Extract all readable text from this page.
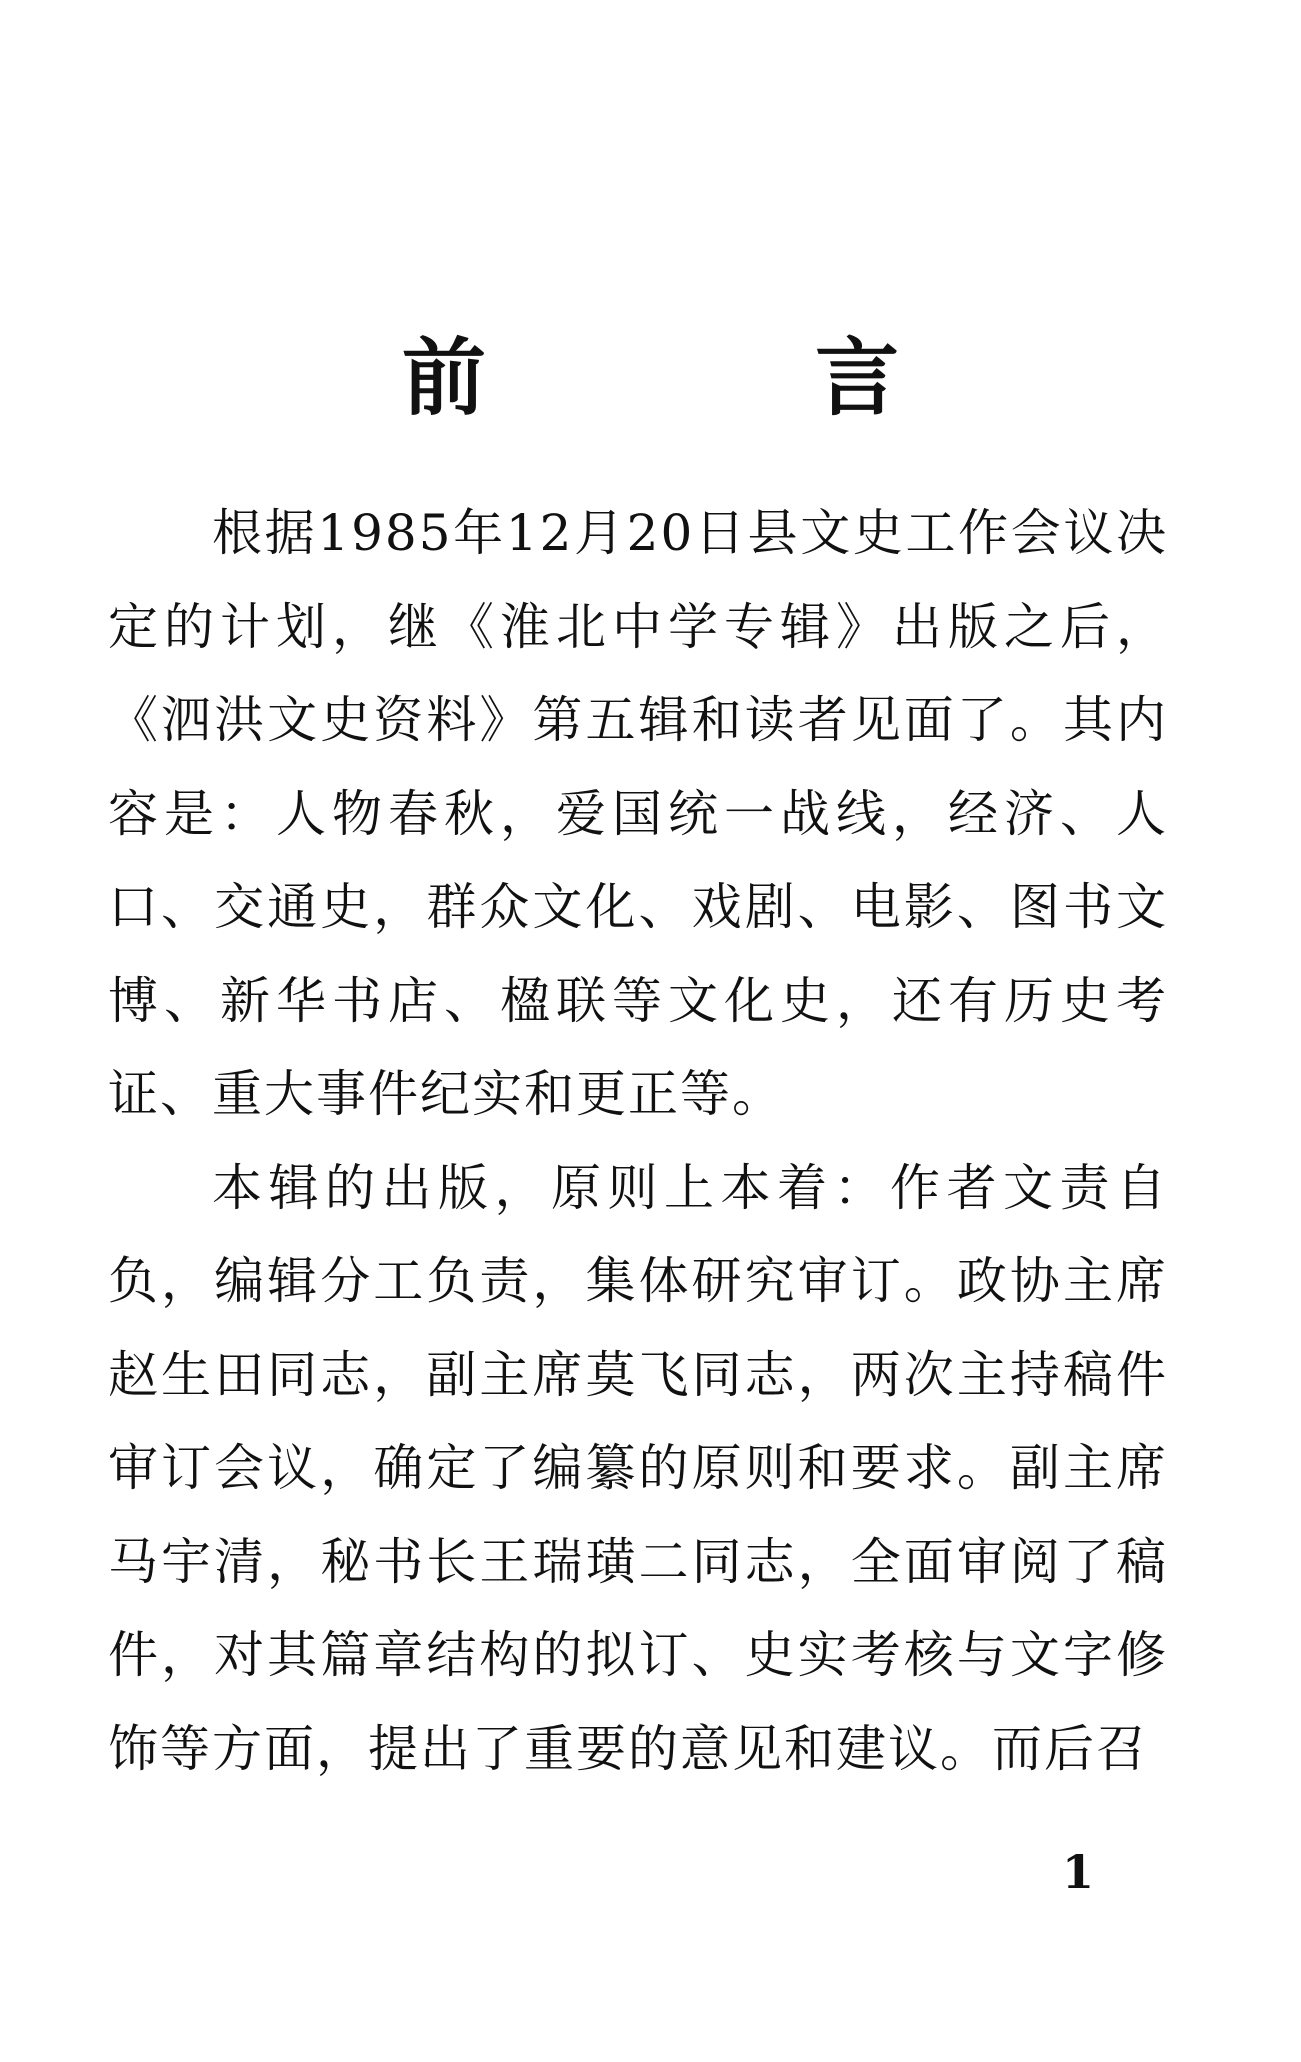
前 言

根据1985年12月20日县文史工作会议决定的计划，继《淮北中学专辑》出版之后，《泗洪文史资料》第五辑和读者见面了。其内容是：人物春秋，爱国统一战线，经济、人口、交通史，群众文化、戏剧、电影、图书文博、新华书店、楹联等文化史，还有历史考证、重大事件纪实和更正等。

本辑的出版，原则上本着：作者文责自负，编辑分工负责，集体研究审订。政协主席赵生田同志，副主席莫飞同志，两次主持稿件审订会议，确定了编纂的原则和要求。副主席马宇清，秘书长王瑞璜二同志，全面审阅了稿件，对其篇章结构的拟订、史实考核与文字修饰等方面，提出了重要的意见和建议。而后召

1
